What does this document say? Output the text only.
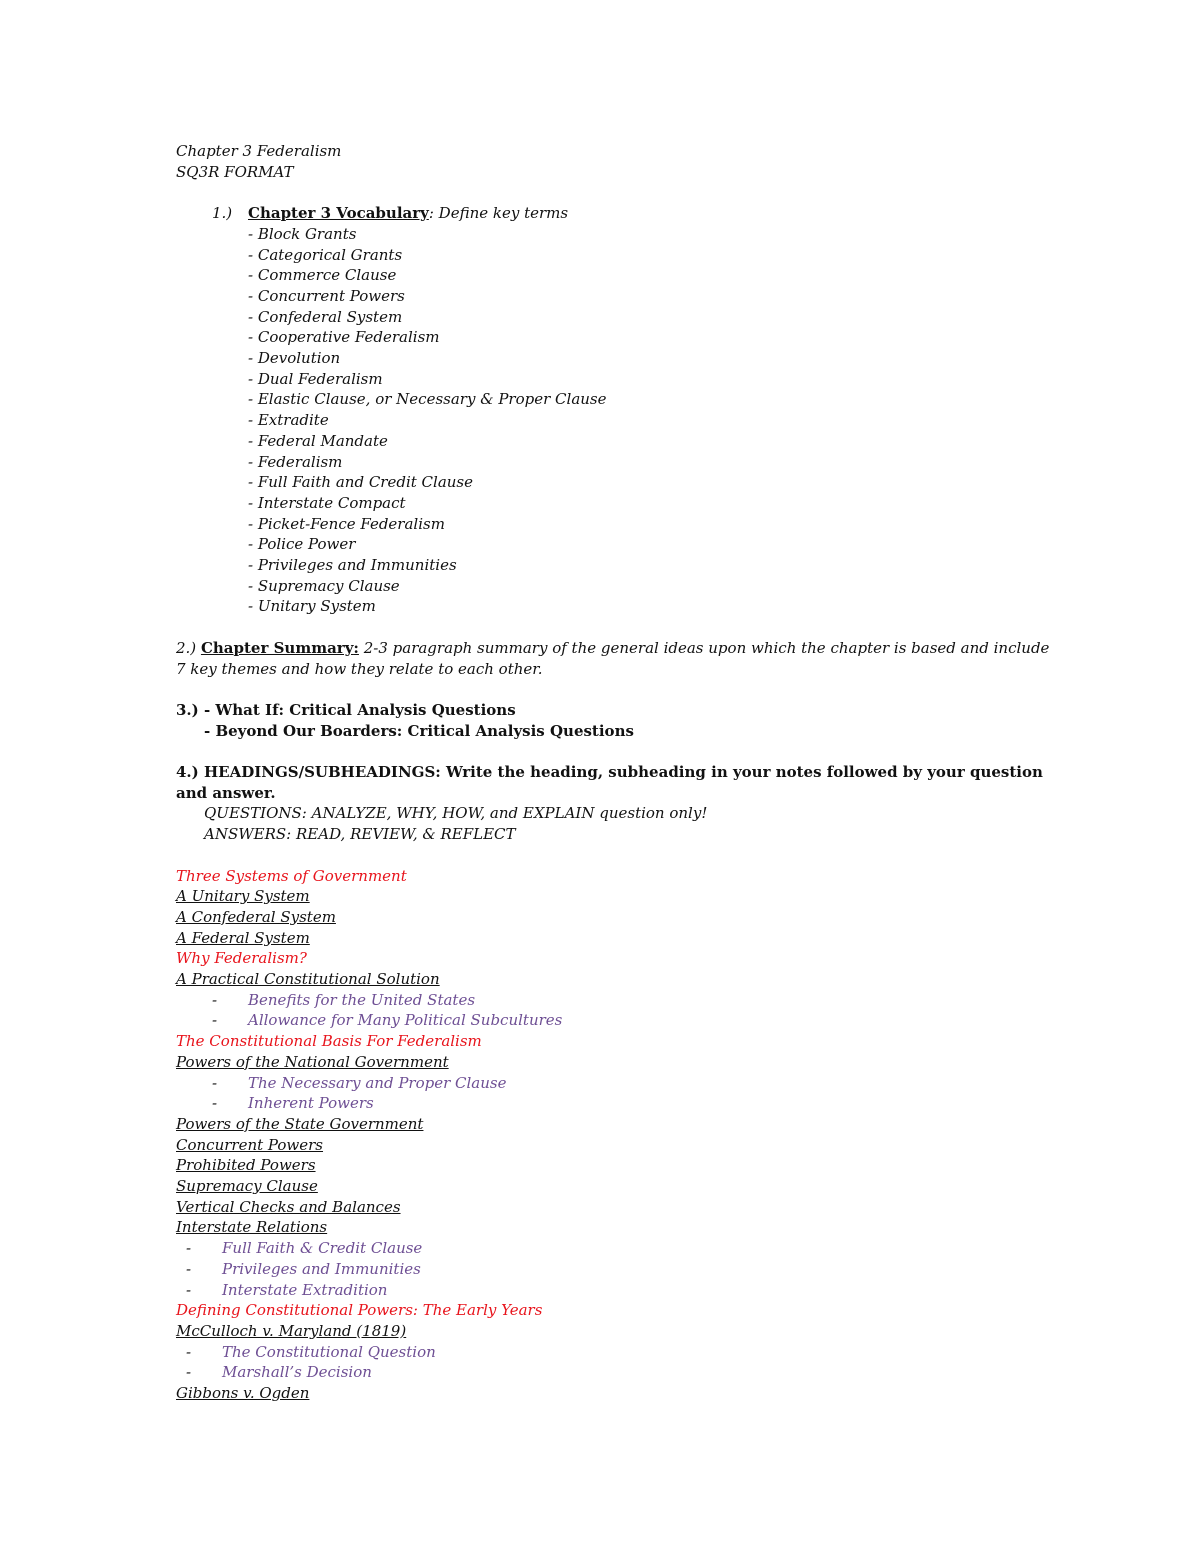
Chapter 3 Federalism
SQ3R FORMAT
1.)	Chapter 3 Vocabulary: Define key terms
- Block Grants
- Categorical Grants
- Commerce Clause
- Concurrent Powers
- Confederal System
- Cooperative Federalism
- Devolution
- Dual Federalism
- Elastic Clause, or Necessary & Proper Clause
- Extradite
- Federal Mandate
- Federalism
- Full Faith and Credit Clause
- Interstate Compact
- Picket-Fence Federalism
- Police Power
- Privileges and Immunities
- Supremacy Clause
- Unitary System
2.) Chapter Summary: 2-3 paragraph summary of the general ideas upon which the chapter is based and include 7 key themes and how they relate to each other.
3.) - What If: Critical Analysis Questions
- Beyond Our Boarders: Critical Analysis Questions
4.) HEADINGS/SUBHEADINGS: Write the heading, subheading in your notes followed by your question and answer.
QUESTIONS: ANALYZE, WHY, HOW, and EXPLAIN question only!
ANSWERS: READ, REVIEW, & REFLECT
Three Systems of Government
A Unitary System
A Confederal System
A Federal System
Why Federalism?
A Practical Constitutional Solution
-	Benefits for the United States
-	Allowance for Many Political Subcultures
The Constitutional Basis For Federalism
Powers of the National Government
-	The Necessary and Proper Clause
-	Inherent Powers
Powers of the State Government
Concurrent Powers
Prohibited Powers
Supremacy Clause
Vertical Checks and Balances
Interstate Relations
-	Full Faith & Credit Clause
-	Privileges and Immunities
-	Interstate Extradition
Defining Constitutional Powers: The Early Years
McCulloch v. Maryland (1819)
-	The Constitutional Question
-	Marshall’s Decision
Gibbons v. Ogden
